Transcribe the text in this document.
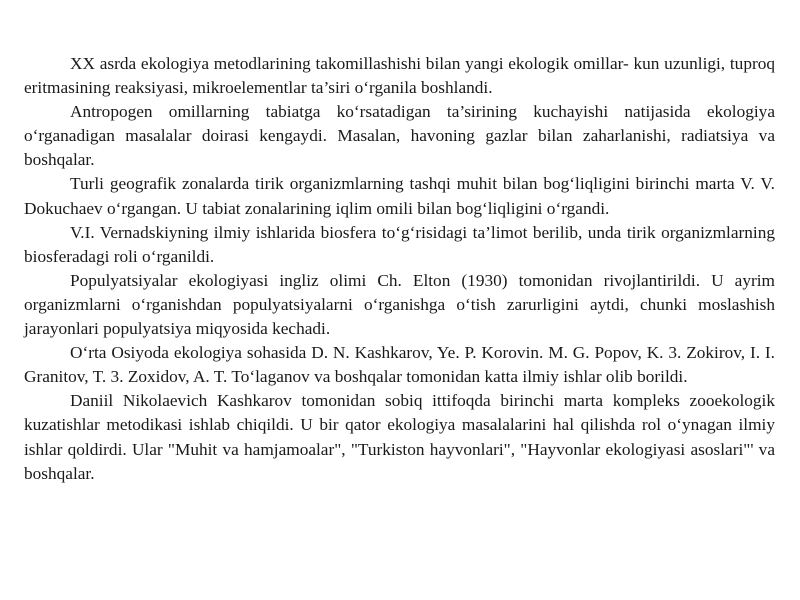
XX asrda ekologiya metodlarining takomillashishi bilan yangi ekologik omillar- kun uzunligi, tuproq eritmasining reaksiyasi, mikroelementlar ta’siri o‘rganila boshlandi.

Antropogen omillarning tabiatga ko‘rsatadigan ta’sirining kuchayishi natijasida ekologiya o‘rganadigan masalalar doirasi kengaydi. Masalan, havoning gazlar bilan zaharlanishi, radiatsiya va boshqalar.

Turli geografik zonalarda tirik organizmlarning tashqi muhit bilan bog‘liqligini birinchi marta V. V. Dokuchaev o‘rgangan. U tabiat zonalarining iqlim omili bilan bog‘liqligini o‘rgandi.

V.I. Vernadskiyning ilmiy ishlarida biosfera to‘g‘risidagi ta’limot berilib, unda tirik organizmlarning biosferadagi roli o‘rganildi.

Populyatsiyalar ekologiyasi ingliz olimi Ch. Elton (1930) tomonidan rivojlantirildi. U ayrim organizmlarni o‘rganishdan populyatsiyalarni o‘rganishga o‘tish zarurligini aytdi, chunki moslashish jarayonlari populyatsiya miqyosida kechadi.

O‘rta Osiyoda ekologiya sohasida D. N. Kashkarov, Ye. P. Korovin. M. G. Popov, K. 3. Zokirov, I. I. Granitov, T. 3. Zoxidov, A. T. To‘laganov va boshqalar tomonidan katta ilmiy ishlar olib borildi.

Daniil Nikolaevich Kashkarov tomonidan sobiq ittifoqda birinchi marta kompleks zooekologik kuzatishlar metodikasi ishlab chiqildi. U bir qator ekologiya masalalarini hal qilishda rol o‘ynagan ilmiy ishlar qoldirdi. Ular "Muhit va hamjamoalar", "Turkiston hayvonlari", "Hayvonlar ekologiyasi asoslari"' va boshqalar.
